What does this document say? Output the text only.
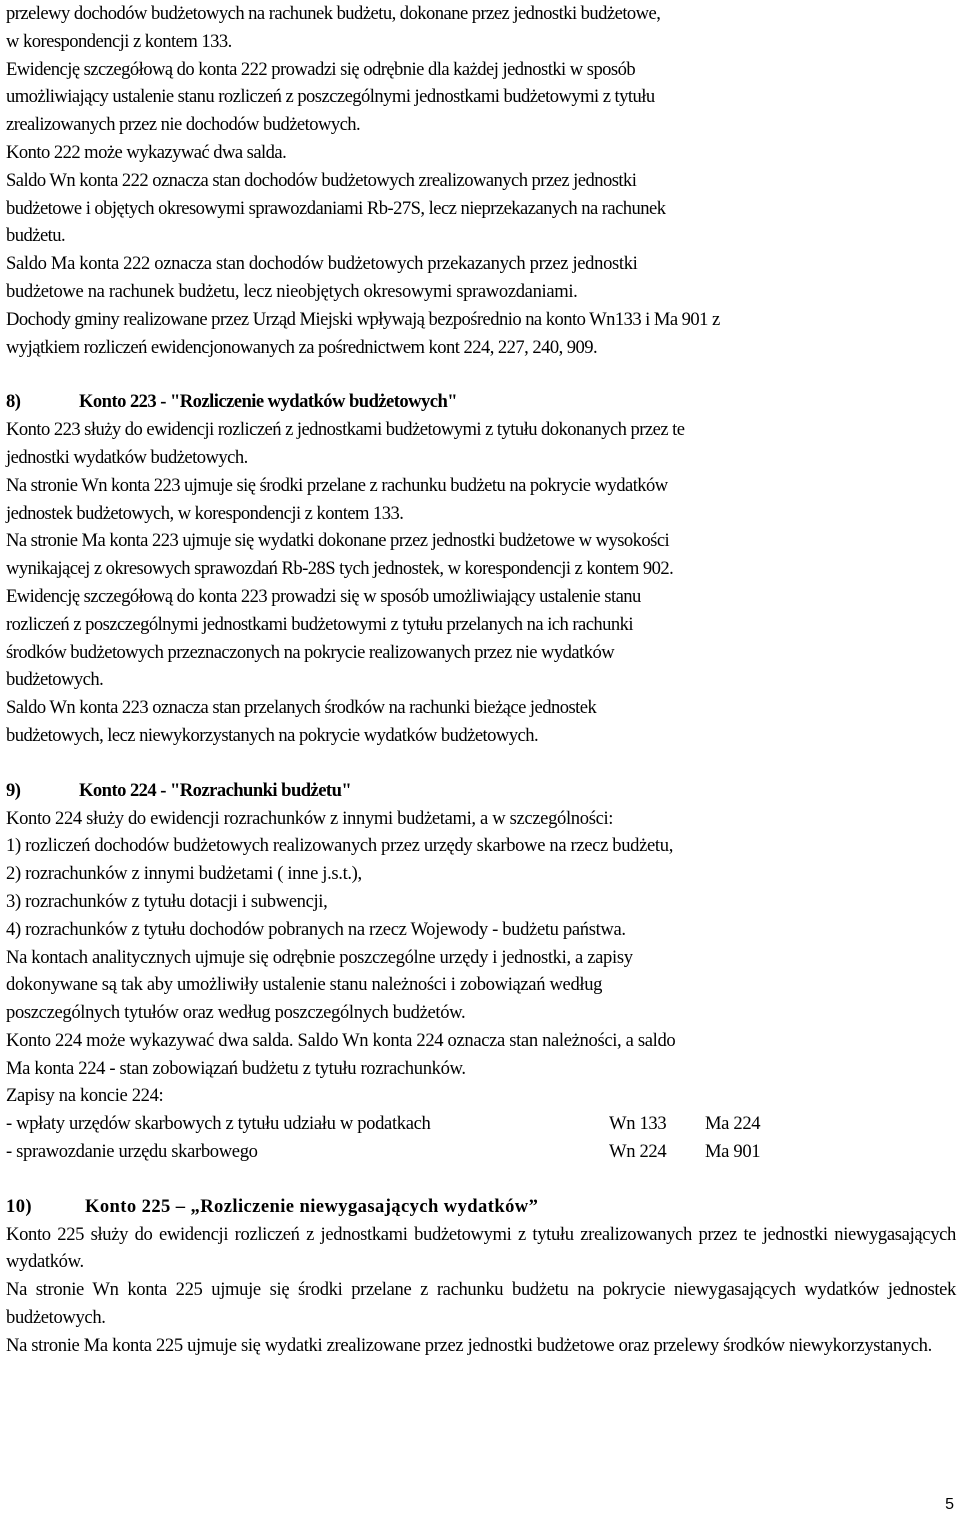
przelewy dochodów budżetowych na rachunek budżetu, dokonane przez jednostki budżetowe,

w korespondencji z kontem 133.

Ewidencję szczegółową do konta 222 prowadzi się odrębnie dla każdej jednostki w sposób

umożliwiający ustalenie stanu rozliczeń z poszczególnymi jednostkami budżetowymi z tytułu

zrealizowanych przez nie dochodów budżetowych.

Konto 222 może wykazywać dwa salda.

Saldo Wn konta 222 oznacza stan dochodów budżetowych zrealizowanych przez jednostki

budżetowe i objętych okresowymi sprawozdaniami Rb-27S, lecz nieprzekazanych na rachunek

budżetu.

Saldo Ma konta 222 oznacza stan dochodów budżetowych przekazanych przez jednostki

budżetowe na rachunek budżetu, lecz nieobjętych okresowymi sprawozdaniami.

Dochody gminy realizowane przez Urząd Miejski wpływają bezpośrednio na konto Wn133 i Ma 901 z

wyjątkiem rozliczeń ewidencjonowanych za pośrednictwem kont 224, 227, 240, 909.

8)	Konto 223 - "Rozliczenie wydatków budżetowych"

Konto 223 służy do ewidencji rozliczeń z jednostkami budżetowymi z tytułu dokonanych przez te

jednostki wydatków budżetowych.

Na stronie Wn konta 223 ujmuje się środki przelane z rachunku budżetu na pokrycie wydatków

jednostek budżetowych, w korespondencji z kontem 133.

Na stronie Ma konta 223 ujmuje się wydatki dokonane przez jednostki budżetowe w wysokości

wynikającej z okresowych sprawozdań Rb-28S tych jednostek, w korespondencji z kontem 902.

Ewidencję szczegółową do konta 223 prowadzi się w sposób umożliwiający ustalenie stanu

rozliczeń z poszczególnymi jednostkami budżetowymi z tytułu przelanych na ich rachunki

środków budżetowych przeznaczonych na pokrycie realizowanych przez nie wydatków

budżetowych.

Saldo Wn konta 223 oznacza stan przelanych środków na rachunki bieżące jednostek

budżetowych, lecz niewykorzystanych na pokrycie wydatków budżetowych.

9)	Konto 224 - "Rozrachunki budżetu"

Konto 224 służy do ewidencji rozrachunków z innymi budżetami, a w szczególności:

1) rozliczeń dochodów budżetowych realizowanych przez urzędy skarbowe na rzecz budżetu,

2) rozrachunków z innymi budżetami ( inne j.s.t.),

3) rozrachunków z tytułu dotacji i subwencji,

4) rozrachunków z tytułu dochodów pobranych na rzecz Wojewody - budżetu państwa.

Na kontach analitycznych ujmuje się odrębnie poszczególne urzędy i jednostki, a zapisy

dokonywane są tak aby umożliwiły ustalenie stanu należności i zobowiązań według

poszczególnych tytułów oraz według poszczególnych budżetów.

Konto 224 może wykazywać dwa salda. Saldo Wn konta 224 oznacza stan należności, a saldo

Ma konta 224 - stan zobowiązań budżetu z tytułu rozrachunków.

Zapisy na koncie 224:

- wpłaty urzędów skarbowych z tytułu udziału w podatkach	Wn 133	Ma 224
- sprawozdanie urzędu skarbowego	Wn 224	Ma 901

10)	Konto 225 – „Rozliczenie niewygasających wydatków”

Konto 225 służy do ewidencji rozliczeń z jednostkami budżetowymi z tytułu zrealizowanych przez te jednostki niewygasających wydatków.

Na stronie Wn konta 225 ujmuje się środki przelane z rachunku budżetu na pokrycie niewygasających wydatków jednostek budżetowych.

Na stronie Ma konta 225 ujmuje się wydatki zrealizowane przez jednostki budżetowe oraz przelewy środków niewykorzystanych.

5
